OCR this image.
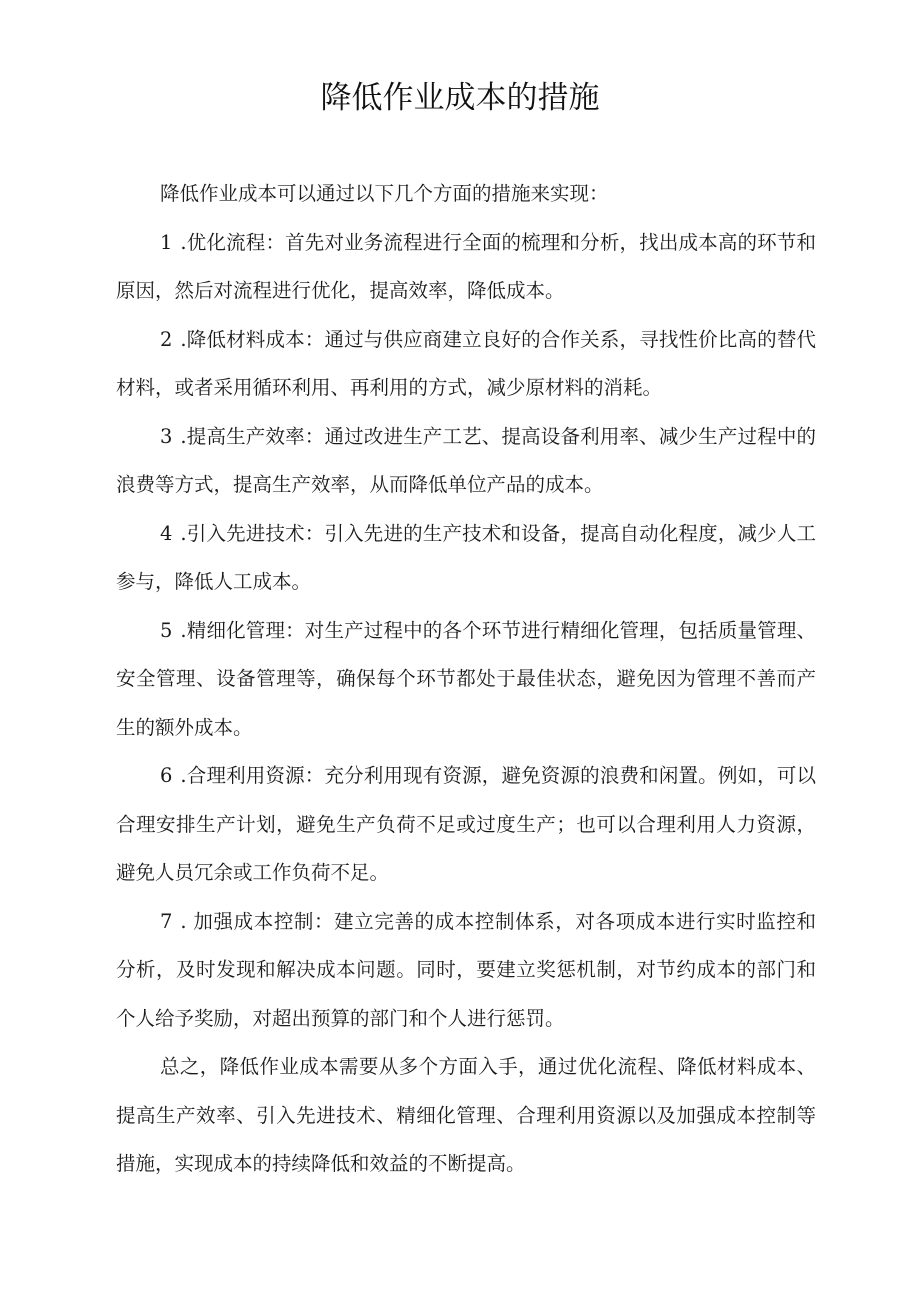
降低作业成本的措施

降低作业成本可以通过以下几个方面的措施来实现：

1 .优化流程：首先对业务流程进行全面的梳理和分析，找出成本高的环节和原因，然后对流程进行优化，提高效率，降低成本。

2 .降低材料成本：通过与供应商建立良好的合作关系，寻找性价比高的替代材料，或者采用循环利用、再利用的方式，减少原材料的消耗。

3 .提高生产效率：通过改进生产工艺、提高设备利用率、减少生产过程中的浪费等方式，提高生产效率，从而降低单位产品的成本。

4 .引入先进技术：引入先进的生产技术和设备，提高自动化程度，减少人工参与，降低人工成本。

5 .精细化管理：对生产过程中的各个环节进行精细化管理，包括质量管理、安全管理、设备管理等，确保每个环节都处于最佳状态，避免因为管理不善而产生的额外成本。

6 .合理利用资源：充分利用现有资源，避免资源的浪费和闲置。例如，可以合理安排生产计划，避免生产负荷不足或过度生产；也可以合理利用人力资源，避免人员冗余或工作负荷不足。

7 . 加强成本控制：建立完善的成本控制体系，对各项成本进行实时监控和分析，及时发现和解决成本问题。同时，要建立奖惩机制，对节约成本的部门和个人给予奖励，对超出预算的部门和个人进行惩罚。

总之，降低作业成本需要从多个方面入手，通过优化流程、降低材料成本、提高生产效率、引入先进技术、精细化管理、合理利用资源以及加强成本控制等措施，实现成本的持续降低和效益的不断提高。
